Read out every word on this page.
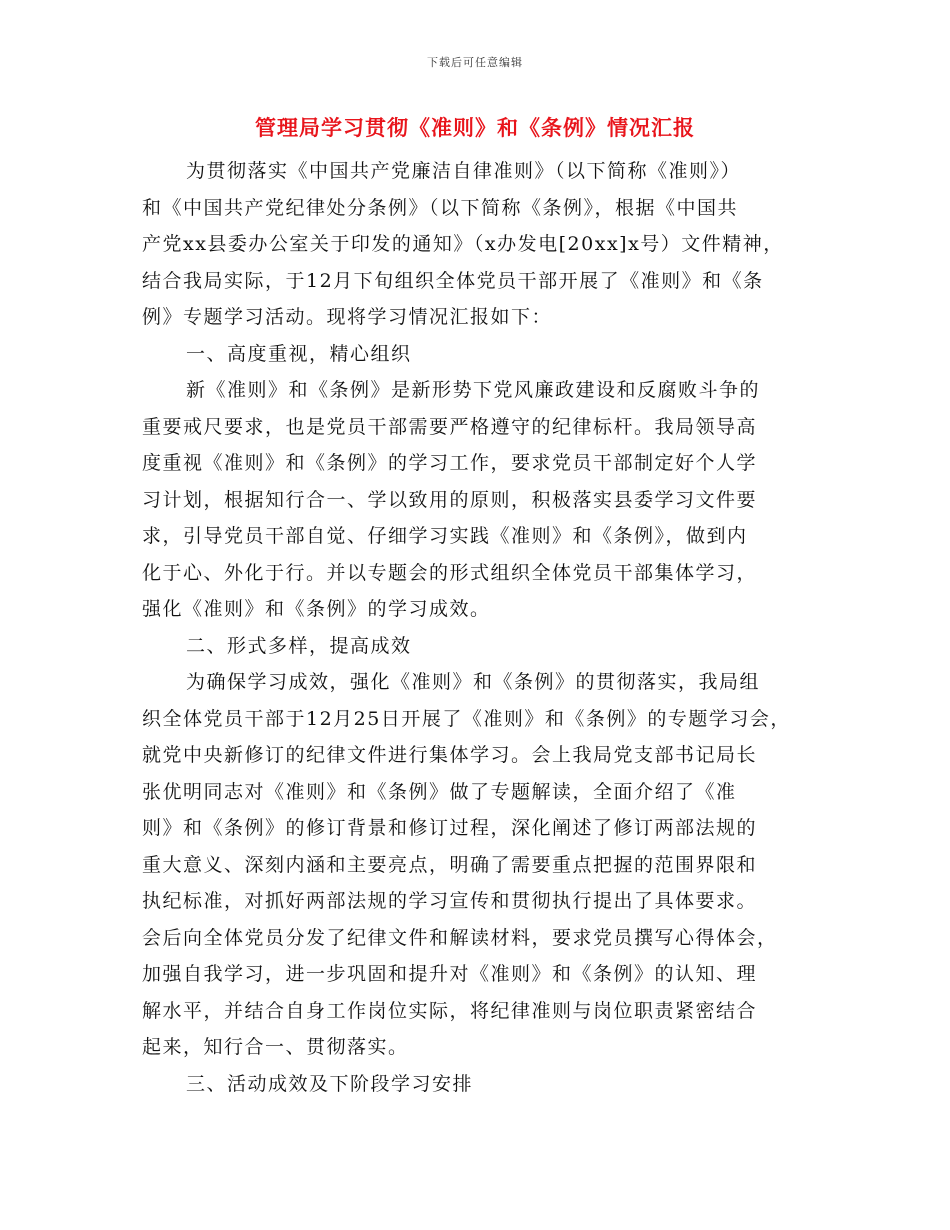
下载后可任意编辑
管理局学习贯彻《准则》和《条例》情况汇报
为贯彻落实《中国共产党廉洁自律准则》（以下简称《准则》）
和《中国共产党纪律处分条例》（以下简称《条例》，根据《中国共
产党xx县委办公室关于印发的通知》（x办发电[20xx]x号）文件精神，
结合我局实际，于12月下旬组织全体党员干部开展了《准则》和《条
例》专题学习活动。现将学习情况汇报如下：
一、高度重视，精心组织
新《准则》和《条例》是新形势下党风廉政建设和反腐败斗争的
重要戒尺要求，也是党员干部需要严格遵守的纪律标杆。我局领导高
度重视《准则》和《条例》的学习工作，要求党员干部制定好个人学
习计划，根据知行合一、学以致用的原则，积极落实县委学习文件要
求，引导党员干部自觉、仔细学习实践《准则》和《条例》，做到内
化于心、外化于行。并以专题会的形式组织全体党员干部集体学习，
强化《准则》和《条例》的学习成效。
二、形式多样，提高成效
为确保学习成效，强化《准则》和《条例》的贯彻落实，我局组
织全体党员干部于12月25日开展了《准则》和《条例》的专题学习会，
就党中央新修订的纪律文件进行集体学习。会上我局党支部书记局长
张优明同志对《准则》和《条例》做了专题解读，全面介绍了《准
则》和《条例》的修订背景和修订过程，深化阐述了修订两部法规的
重大意义、深刻内涵和主要亮点，明确了需要重点把握的范围界限和
执纪标准，对抓好两部法规的学习宣传和贯彻执行提出了具体要求。
会后向全体党员分发了纪律文件和解读材料，要求党员撰写心得体会，
加强自我学习，进一步巩固和提升对《准则》和《条例》的认知、理
解水平，并结合自身工作岗位实际，将纪律准则与岗位职责紧密结合
起来，知行合一、贯彻落实。
三、活动成效及下阶段学习安排
